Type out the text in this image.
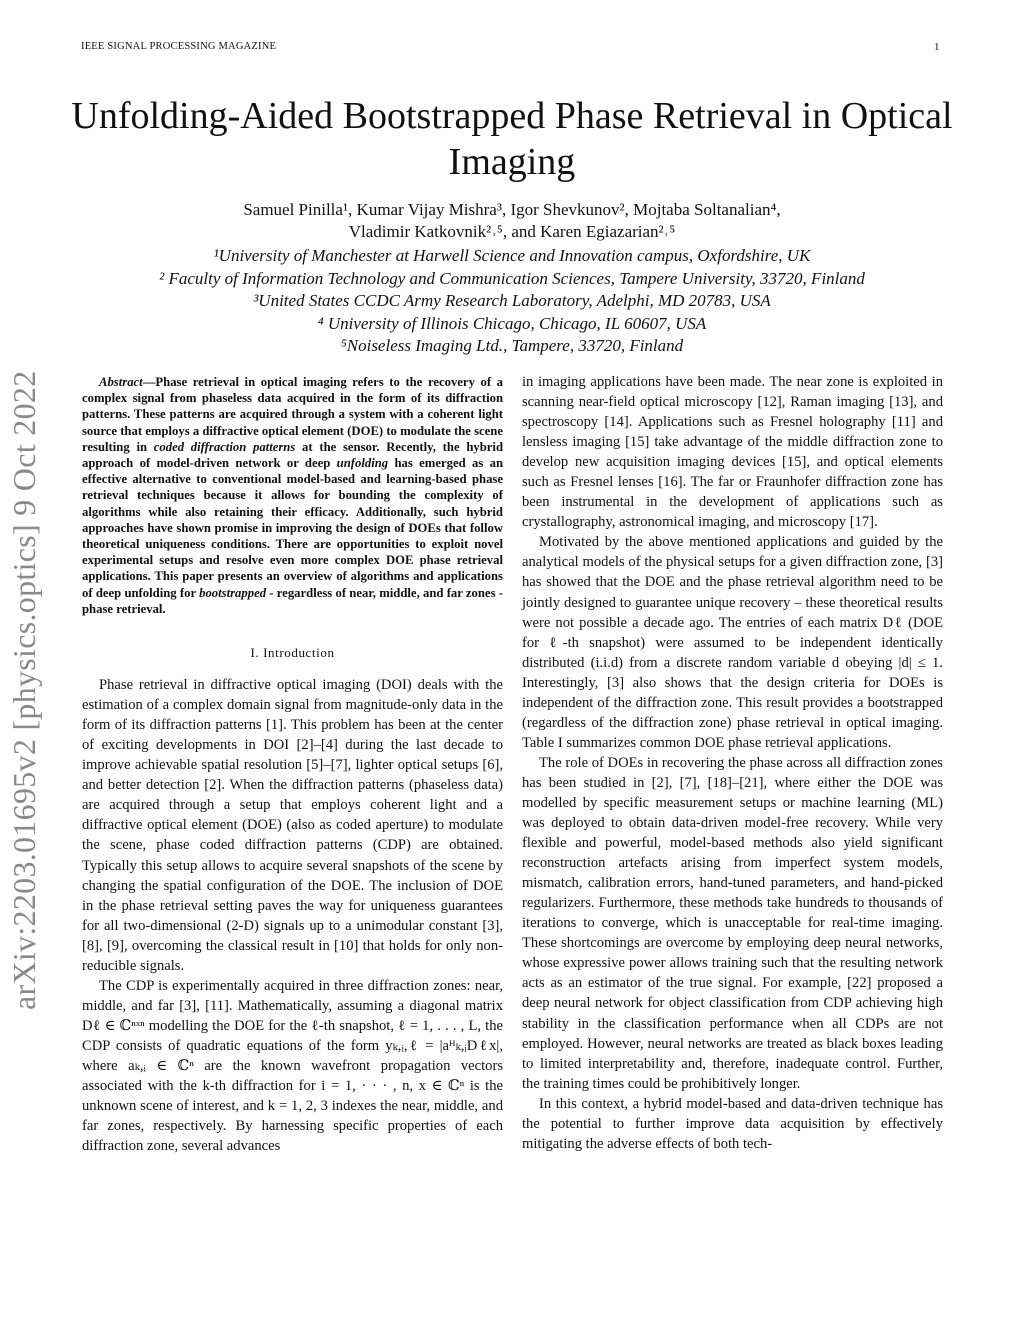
IEEE SIGNAL PROCESSING MAGAZINE	1
Unfolding-Aided Bootstrapped Phase Retrieval in Optical Imaging
Samuel Pinilla¹, Kumar Vijay Mishra³, Igor Shevkunov², Mojtaba Soltanalian⁴,
Vladimir Katkovnik²˒⁵, and Karen Egiazarian²˒⁵
¹University of Manchester at Harwell Science and Innovation campus, Oxfordshire, UK
² Faculty of Information Technology and Communication Sciences, Tampere University, 33720, Finland
³United States CCDC Army Research Laboratory, Adelphi, MD 20783, USA
⁴ University of Illinois Chicago, Chicago, IL 60607, USA
⁵Noiseless Imaging Ltd., Tampere, 33720, Finland
arXiv:2203.01695v2 [physics.optics] 9 Oct 2022	Abstract—Phase retrieval in optical imaging refers to the recovery of a complex signal from phaseless data acquired in the form of its diffraction patterns. These patterns are acquired through a system with a coherent light source that employs a diffractive optical element (DOE) to modulate the scene resulting in coded diffraction patterns at the sensor. Recently, the hybrid approach of model-driven network or deep unfolding has emerged as an effective alternative to conventional model-based and learning-based phase retrieval techniques because it allows for bounding the complexity of algorithms while also retaining their efficacy. Additionally, such hybrid approaches have shown promise in improving the design of DOEs that follow theoretical uniqueness conditions. There are opportunities to exploit novel experimental setups and resolve even more complex DOE phase retrieval applications. This paper presents an overview of algorithms and applications of deep unfolding for bootstrapped - regardless of near, middle, and far zones - phase retrieval.

I. Introduction

Phase retrieval in diffractive optical imaging (DOI) deals with the estimation of a complex domain signal from magnitude-only data in the form of its diffraction patterns [1]. This problem has been at the center of exciting developments in DOI [2]–[4] during the last decade to improve achievable spatial resolution [5]–[7], lighter optical setups [6], and better detection [2]. When the diffraction patterns (phaseless data) are acquired through a setup that employs coherent light and a diffractive optical element (DOE) (also as coded aperture) to modulate the scene, phase coded diffraction patterns (CDP) are obtained. Typically this setup allows to acquire several snapshots of the scene by changing the spatial configuration of the DOE. The inclusion of DOE in the phase retrieval setting paves the way for uniqueness guarantees for all two-dimensional (2-D) signals up to a unimodular constant [3], [8], [9], overcoming the classical result in [10] that holds for only non-reducible signals.

The CDP is experimentally acquired in three diffraction zones: near, middle, and far [3], [11]. Mathematically, assuming a diagonal matrix Dℓ ∈ ℂⁿˣⁿ modelling the DOE for the ℓ-th snapshot, ℓ = 1, . . . , L, the CDP consists of quadratic equations of the form yₖ,ᵢ,ℓ = |aᴴₖ,ᵢDℓx|, where aₖ,ᵢ ∈ ℂⁿ are the known wavefront propagation vectors associated with the k-th diffraction for i = 1, · · · , n, x ∈ ℂⁿ is the unknown scene of interest, and k = 1, 2, 3 indexes the near, middle, and far zones, respectively. By harnessing specific properties of each diffraction zone, several advances

in imaging applications have been made. The near zone is exploited in scanning near-field optical microscopy [12], Raman imaging [13], and spectroscopy [14]. Applications such as Fresnel holography [11] and lensless imaging [15] take advantage of the middle diffraction zone to develop new acquisition imaging devices [15], and optical elements such as Fresnel lenses [16]. The far or Fraunhofer diffraction zone has been instrumental in the development of applications such as crystallography, astronomical imaging, and microscopy [17].

Motivated by the above mentioned applications and guided by the analytical models of the physical setups for a given diffraction zone, [3] has showed that the DOE and the phase retrieval algorithm need to be jointly designed to guarantee unique recovery – these theoretical results were not possible a decade ago. The entries of each matrix Dℓ (DOE for ℓ-th snapshot) were assumed to be independent identically distributed (i.i.d) from a discrete random variable d obeying |d| ≤ 1. Interestingly, [3] also shows that the design criteria for DOEs is independent of the diffraction zone. This result provides a bootstrapped (regardless of the diffraction zone) phase retrieval in optical imaging. Table I summarizes common DOE phase retrieval applications.

The role of DOEs in recovering the phase across all diffraction zones has been studied in [2], [7], [18]–[21], where either the DOE was modelled by specific measurement setups or machine learning (ML) was deployed to obtain data-driven model-free recovery. While very flexible and powerful, model-based methods also yield significant reconstruction artefacts arising from imperfect system models, mismatch, calibration errors, hand-tuned parameters, and hand-picked regularizers. Furthermore, these methods take hundreds to thousands of iterations to converge, which is unacceptable for real-time imaging. These shortcomings are overcome by employing deep neural networks, whose expressive power allows training such that the resulting network acts as an estimator of the true signal. For example, [22] proposed a deep neural network for object classification from CDP achieving high stability in the classification performance when all CDPs are not employed. However, neural networks are treated as black boxes leading to limited interpretability and, therefore, inadequate control. Further, the training times could be prohibitively longer.

In this context, a hybrid model-based and data-driven technique has the potential to further improve data acquisition by effectively mitigating the adverse effects of both tech-
